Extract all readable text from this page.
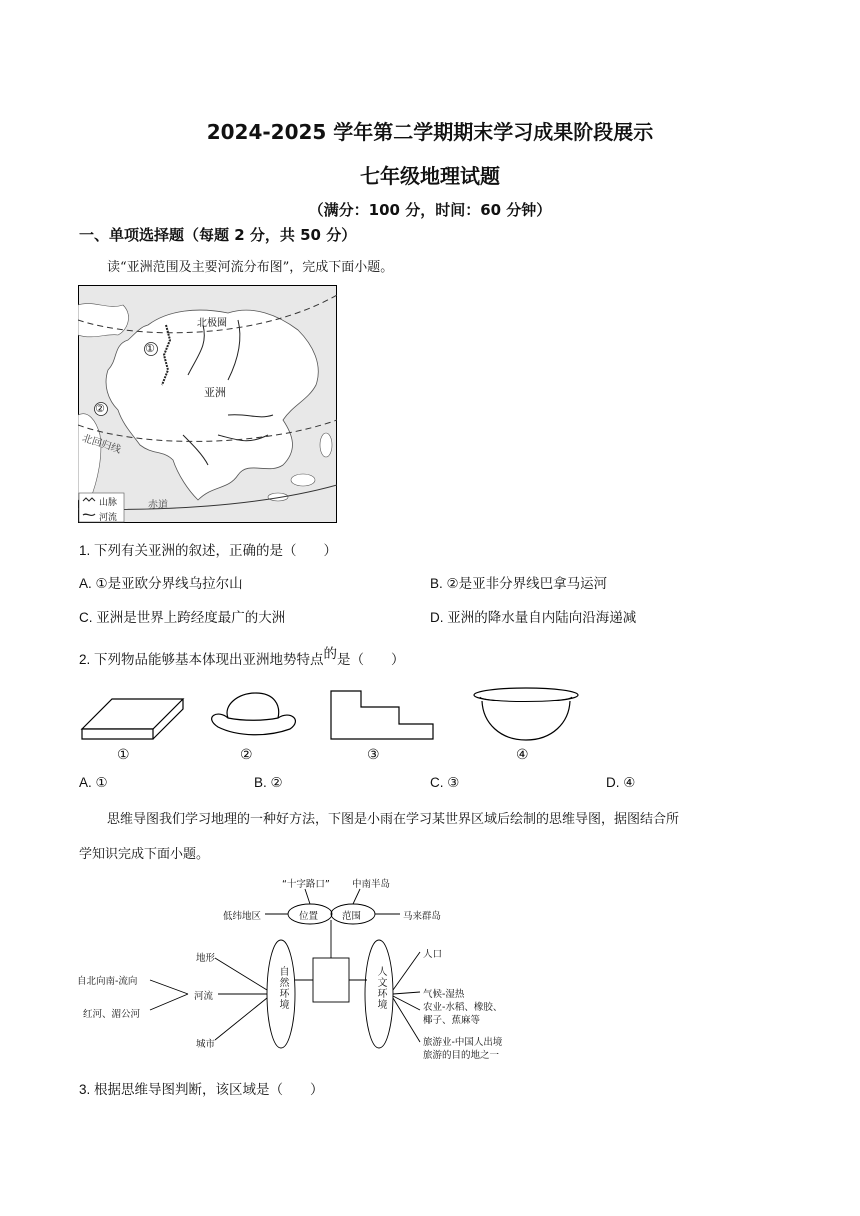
2024-2025 学年第二学期期末学习成果阶段展示
七年级地理试题
（满分：100 分，时间：60 分钟）
一、单项选择题（每题 2 分，共 50 分）
读“亚洲范围及主要河流分布图”，完成下面小题。
北极圈
亚洲
北回归线
赤道
①
②
山脉
河流
1. 下列有关亚洲的叙述，正确的是（　　）
A. ①是亚欧分界线乌拉尔山	B. ②是亚非分界线巴拿马运河
C. 亚洲是世界上跨经度最广的大洲	D. 亚洲的降水量自内陆向沿海递减
2. 下列物品能够基本体现出亚洲地势特点的是（　　）
①	②	③	④
A. ①	B. ②	C. ③	D. ④
思维导图我们学习地理的一种好方法，下图是小雨在学习某世界区域后绘制的思维导图，据图结合所
学知识完成下面小题。
“十字路口” 中南半岛
低纬地区	位置	范围	马来群岛
地形
自北向南-流向
河流
红河、湄公河
城市
自然环境	人文环境
人口
气候-湿热
农业-水稻、橡胶、
椰子、蕉麻等
旅游业-中国人出境
旅游的目的地之一
3. 根据思维导图判断，该区域是（　　）
